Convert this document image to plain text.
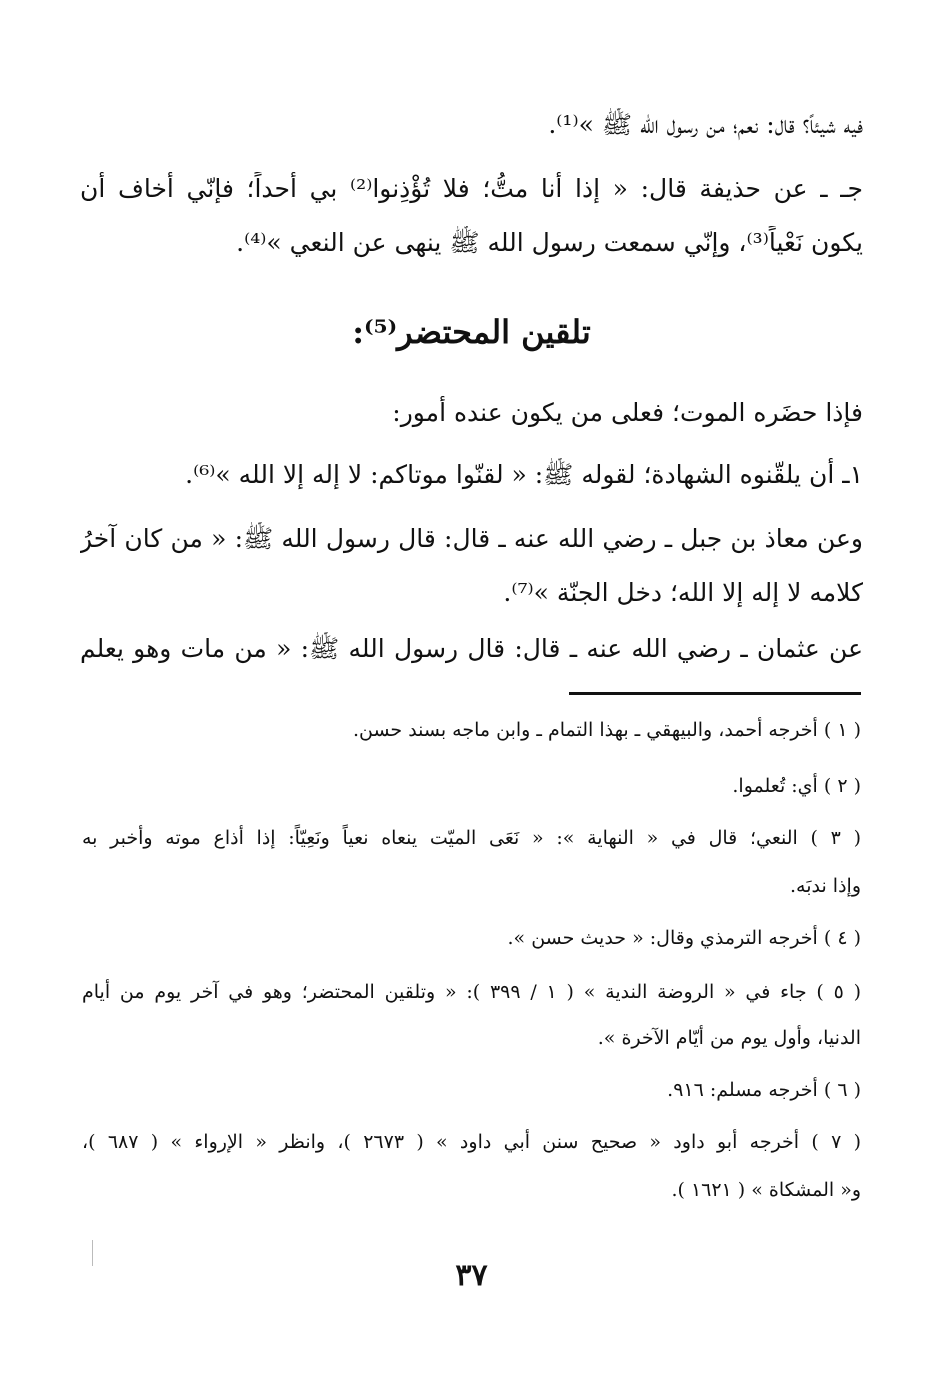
فيه شيئاً؟ قال: نعم؛ من رسول الله ﷺ »⁽¹⁾.
جـ ـ عن حذيفة قال: « إذا أنا متُّ؛ فلا تُؤْذِنوا⁽²⁾ بي أحداً؛ فإنّي أخاف أن
يكون نَعْياً⁽³⁾، وإنّي سمعت رسول الله ﷺ ينهى عن النعي »⁽⁴⁾.
تلقين المحتضر⁽⁵⁾:
فإذا حضَره الموت؛ فعلى من يكون عنده أمور:
١ـ أن يلقّنوه الشهادة؛ لقوله ﷺ: « لقنّوا موتاكم: لا إله إلا الله »⁽⁶⁾.
وعن معاذ بن جبل ـ رضي الله عنه ـ قال: قال رسول الله ﷺ: « من كان آخرُ
كلامه لا إله إلا الله؛ دخل الجنّة »⁽⁷⁾.
عن عثمان ـ رضي الله عنه ـ قال: قال رسول الله ﷺ: « من مات وهو يعلم
( ١ ) أخرجه أحمد، والبيهقي ـ بهذا التمام ـ وابن ماجه بسند حسن.
( ٢ ) أي: تُعلموا.
( ٣ ) النعي؛ قال في « النهاية »: « نَعَى الميّت ينعاه نعياً ونَعِيّاً: إذا أذاع موته وأخبر به
وإذا ندبَه.
( ٤ ) أخرجه الترمذي وقال: « حديث حسن ».
( ٥ ) جاء في « الروضة الندية » ( ١ / ٣٩٩ ): « وتلقين المحتضر؛ وهو في آخر يوم من أيام
الدنيا، وأول يوم من أيّام الآخرة ».
( ٦ ) أخرجه مسلم: ٩١٦.
( ٧ ) أخرجه أبو داود « صحيح سنن أبي داود » ( ٢٦٧٣ )، وانظر « الإرواء » ( ٦٨٧ )،
و« المشكاة » ( ١٦٢١ ).
٣٧
